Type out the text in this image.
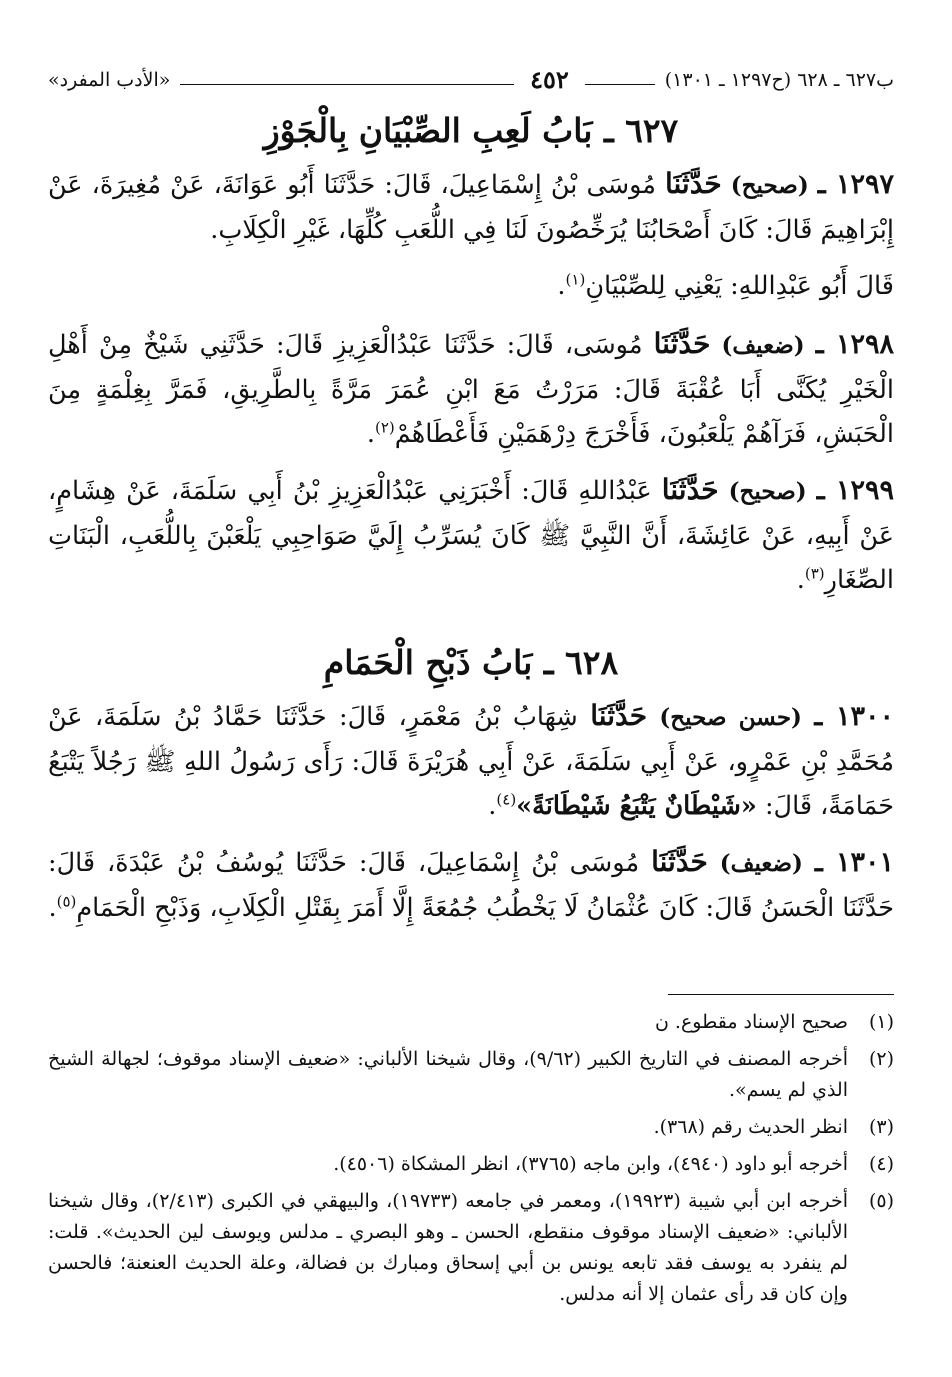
ب٦٢٧ ـ ٦٢٨ (ح١٢٩٧ ـ ١٣٠١)
٤٥٢
«الأدب المفرد»
٦٢٧ ـ بَابُ لَعِبِ الصِّبْيَانِ بِالْجَوْزِ

١٢٩٧ ـ (صحيح) حَدَّثَنَا مُوسَى بْنُ إِسْمَاعِيلَ، قَالَ: حَدَّثَنَا أَبُو عَوَانَةَ، عَنْ مُغِيرَةَ، عَنْ إِبْرَاهِيمَ قَالَ: كَانَ أَصْحَابُنَا يُرَخِّصُونَ لَنَا فِي اللُّعَبِ كُلِّهَا، غَيْرِ الْكِلَابِ.

قَالَ أَبُو عَبْدِاللهِ: يَعْنِي لِلصِّبْيَانِ$^{(١)}$.

١٢٩٨ ـ (ضعيف) حَدَّثَنَا مُوسَى، قَالَ: حَدَّثَنَا عَبْدُالْعَزِيزِ قَالَ: حَدَّثَنِي شَيْخٌ مِنْ أَهْلِ الْخَيْرِ يُكَنَّى أَبَا عُقْبَةَ قَالَ: مَرَرْتُ مَعَ ابْنِ عُمَرَ مَرَّةً بِالطَّرِيقِ، فَمَرَّ بِغِلْمَةٍ مِنَ الْحَبَشِ، فَرَآهُمْ يَلْعَبُونَ، فَأَخْرَجَ دِرْهَمَيْنِ فَأَعْطَاهُمْ$^{(٢)}$.

١٢٩٩ ـ (صحيح) حَدَّثَنَا عَبْدُاللهِ قَالَ: أَخْبَرَنِي عَبْدُالْعَزِيزِ بْنُ أَبِي سَلَمَةَ، عَنْ هِشَامٍ، عَنْ أَبِيهِ، عَنْ عَائِشَةَ، أَنَّ النَّبِيَّ ﷺ كَانَ يُسَرِّبُ إِلَيَّ صَوَاحِبِي يَلْعَبْنَ بِاللُّعَبِ، الْبَنَاتِ الصِّغَارِ$^{(٣)}$.

٦٢٨ ـ بَابُ ذَبْحِ الْحَمَامِ

١٣٠٠ ـ (حسن صحيح) حَدَّثَنَا شِهَابُ بْنُ مَعْمَرٍ، قَالَ: حَدَّثَنَا حَمَّادُ بْنُ سَلَمَةَ، عَنْ مُحَمَّدِ بْنِ عَمْرٍو، عَنْ أَبِي سَلَمَةَ، عَنْ أَبِي هُرَيْرَةَ قَالَ: رَأَى رَسُولُ اللهِ ﷺ رَجُلاً يَتْبَعُ حَمَامَةً، قَالَ: «شَيْطَانٌ يَتْبَعُ شَيْطَانَةً»$^{(٤)}$.

١٣٠١ ـ (ضعيف) حَدَّثَنَا مُوسَى بْنُ إِسْمَاعِيلَ، قَالَ: حَدَّثَنَا يُوسُفُ بْنُ عَبْدَةَ، قَالَ: حَدَّثَنَا الْحَسَنُ قَالَ: كَانَ عُثْمَانُ لَا يَخْطُبُ جُمُعَةً إِلَّا أَمَرَ بِقَتْلِ الْكِلَابِ، وَذَبْحِ الْحَمَامِ$^{(٥)}$.

(١)
صحيح الإسناد مقطوع. ن
(٢)
أخرجه المصنف في التاريخ الكبير (٩/٦٢)، وقال شيخنا الألباني: «ضعيف الإسناد موقوف؛ لجهالة الشيخ الذي لم يسم».
(٣)
انظر الحديث رقم (٣٦٨).
(٤)
أخرجه أبو داود (٤٩٤٠)، وابن ماجه (٣٧٦٥)، انظر المشكاة (٤٥٠٦).
(٥)
أخرجه ابن أبي شيبة (١٩٩٢٣)، ومعمر في جامعه (١٩٧٣٣)، والبيهقي في الكبرى (٢/٤١٣)، وقال شيخنا الألباني: «ضعيف الإسناد موقوف منقطع، الحسن ـ وهو البصري ـ مدلس ويوسف لين الحديث». قلت: لم ينفرد به يوسف فقد تابعه يونس بن أبي إسحاق ومبارك بن فضالة، وعلة الحديث العنعنة؛ فالحسن وإن كان قد رأى عثمان إلا أنه مدلس.
